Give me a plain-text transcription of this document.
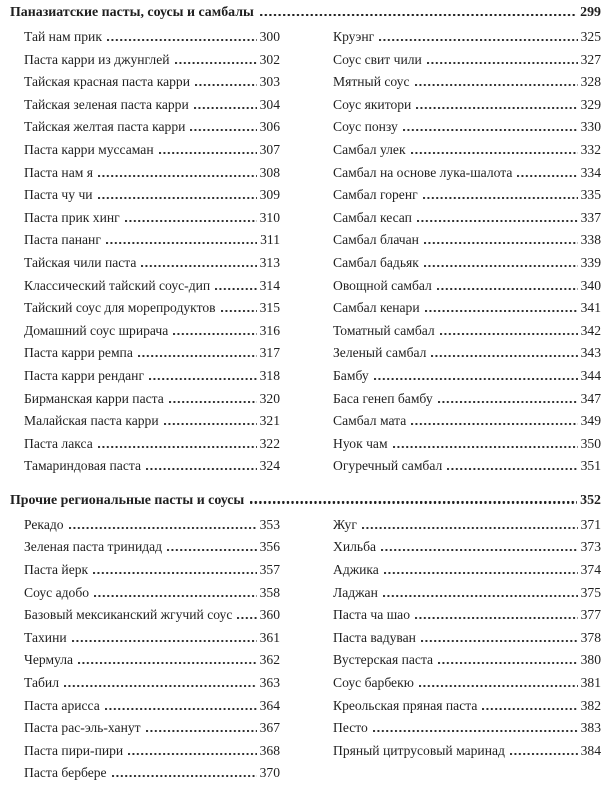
Паназиатские пасты, соусы и самбалы	299
Тай нам прик	300
Паста карри из джунглей	302
Тайская красная паста карри	303
Тайская зеленая паста карри	304
Тайская желтая паста карри	306
Паста карри муссаман	307
Паста нам я	308
Паста чу чи	309
Паста прик хинг	310
Паста пананг	311
Тайская чили паста	313
Классический тайский соус-дип	314
Тайский соус для морепродуктов	315
Домашний соус шрирача	316
Паста карри ремпа	317
Паста карри ренданг	318
Бирманская карри паста	320
Малайская паста карри	321
Паста лакса	322
Тамариндовая паста	324
Круэнг	325
Соус свит чили	327
Мятный соус	328
Соус якитори	329
Соус понзу	330
Самбал улек	332
Самбал на основе лука-шалота	334
Самбал горенг	335
Самбал кесап	337
Самбал блачан	338
Самбал бадьяк	339
Овощной самбал	340
Самбал кенари	341
Томатный самбал	342
Зеленый самбал	343
Бамбу	344
Баса генеп бамбу	347
Самбал мата	349
Нуок чам	350
Огуречный самбал	351
Прочие региональные пасты и соусы	352
Рекадо	353
Зеленая паста тринидад	356
Паста йерк	357
Соус адобо	358
Базовый мексиканский жгучий соус 360
Тахини	361
Чермула	362
Табил	363
Паста арисса	364
Паста рас-эль-ханут	367
Паста пири-пири	368
Паста бербере	370
Жуг	371
Хильба	373
Аджика	374
Ладжан	375
Паста ча шао	377
Паста вадуван	378
Вустерская паста	380
Соус барбекю	381
Креольская пряная паста	382
Песто	383
Пряный цитрусовый маринад	384
